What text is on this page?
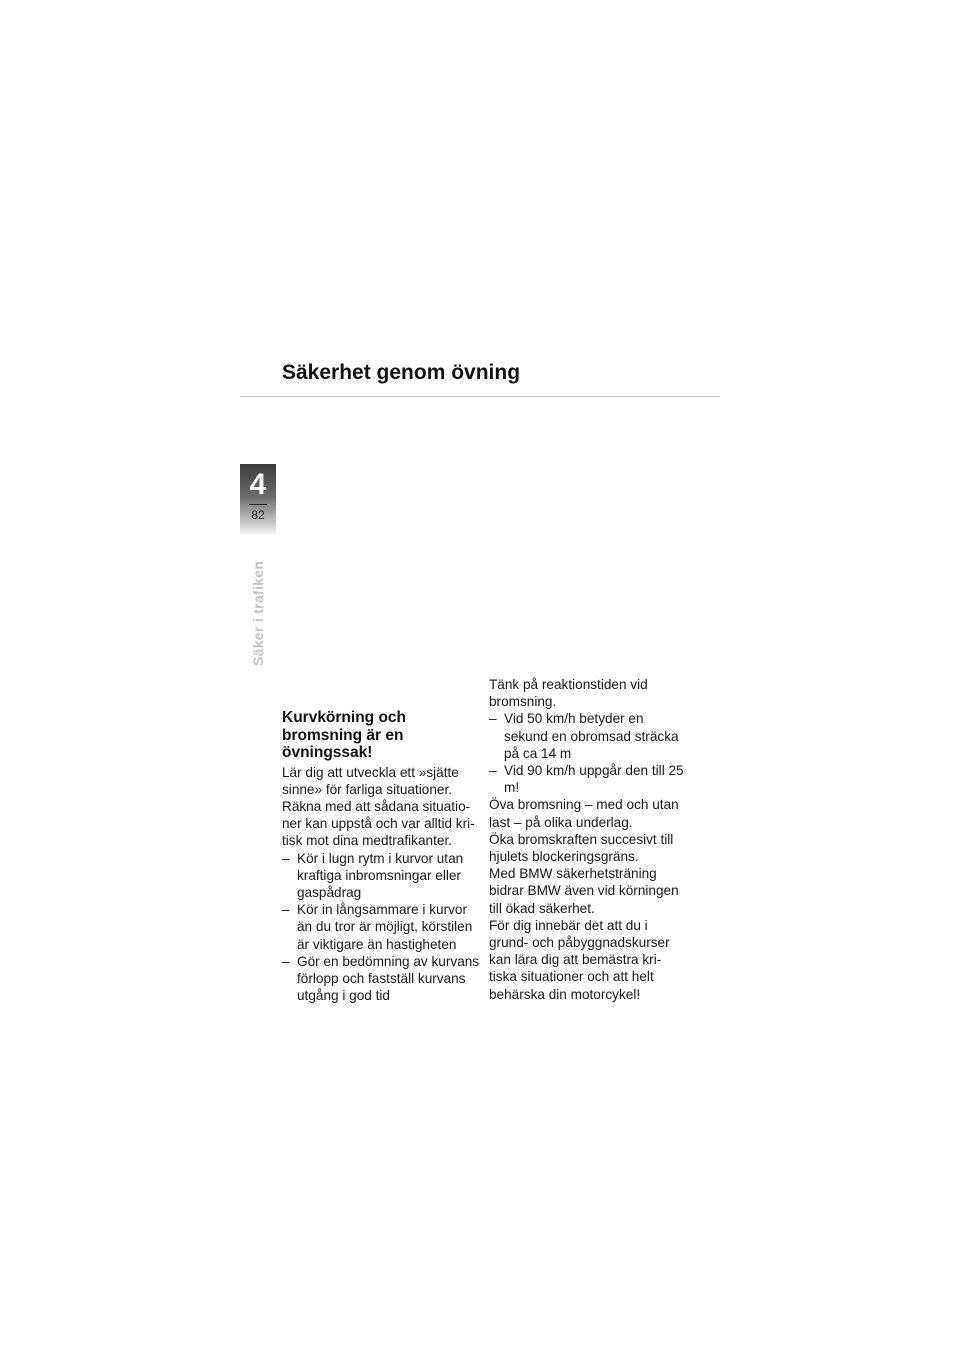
Säkerhet genom övning
4
82
Säker i trafiken
Kurvkörning och bromsning är en övningssak!

Lär dig att utveckla ett »sjätte sinne» för farliga situationer.

Räkna med att sådana situatio-ner kan uppstå och var alltid kri-tisk mot dina medtrafikanter.

– Kör i lugn rytm i kurvor utan kraftiga inbromsningar eller gaspådrag
– Kör in långsammare i kurvor än du tror är möjligt, körstilen är viktigare än hastigheten
– Gör en bedömning av kurvans förlopp och fastställ kurvans utgång i god tid

Tänk på reaktionstiden vid bromsning.

– Vid 50 km/h betyder en sekund en obromsad sträcka på ca 14 m
– Vid 90 km/h uppgår den till 25 m!

Öva bromsning – med och utan last – på olika underlag.

Öka bromskraften succesivt till hjulets blockeringsgräns.

Med BMW säkerhetsträning bidrar BMW även vid körningen till ökad säkerhet.

För dig innebär det att du i grund- och påbyggnadskurser kan lära dig att bemästra kri-tiska situationer och att helt behärska din motorcykel!
